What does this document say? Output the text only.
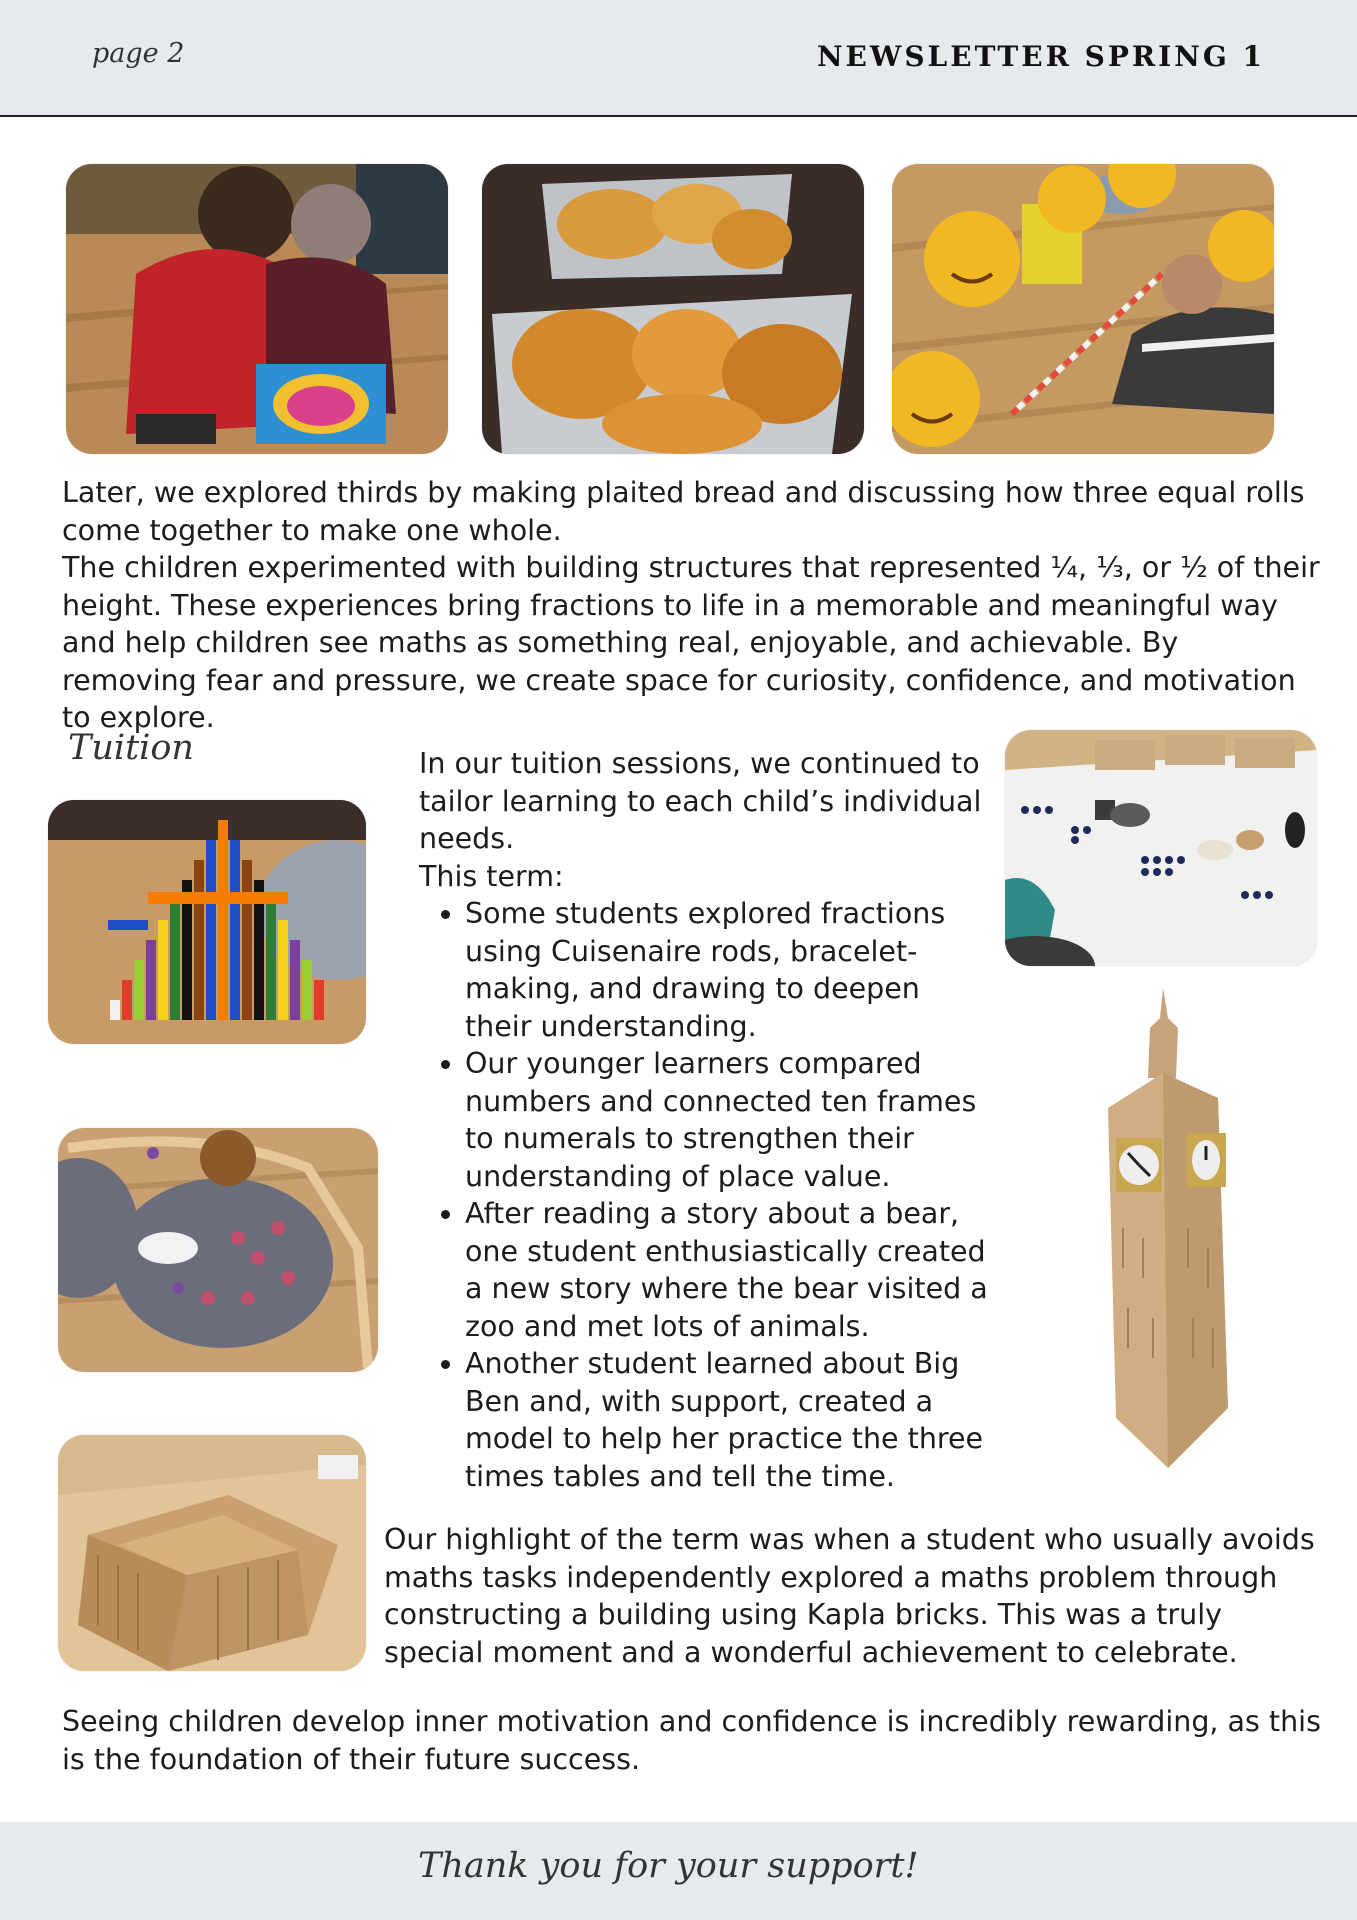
page 2	NEWSLETTER SPRING 1

Later, we explored thirds by making plaited bread and discussing how three equal rolls come together to make one whole.

The children experimented with building structures that represented ¼, ⅓, or ½ of their height. These experiences bring fractions to life in a memorable and meaningful way and help children see maths as something real, enjoyable, and achievable. By removing fear and pressure, we create space for curiosity, confidence, and motivation to explore.

Tuition	In our tuition sessions, we continued to tailor learning to each child’s individual needs.

This term:

• Some students explored fractions using Cuisenaire rods, bracelet-making, and drawing to deepen their understanding.
• Our younger learners compared numbers and connected ten frames to numerals to strengthen their understanding of place value.
• After reading a story about a bear, one student enthusiastically created a new story where the bear visited a zoo and met lots of animals.
• Another student learned about Big Ben and, with support, created a model to help her practice the three times tables and tell the time.
Our highlight of the term was when a student who usually avoids maths tasks independently explored a maths problem through constructing a building using Kapla bricks. This was a truly special moment and a wonderful achievement to celebrate.
Seeing children develop inner motivation and confidence is incredibly rewarding, as this is the foundation of their future success.
Thank you for your support!
